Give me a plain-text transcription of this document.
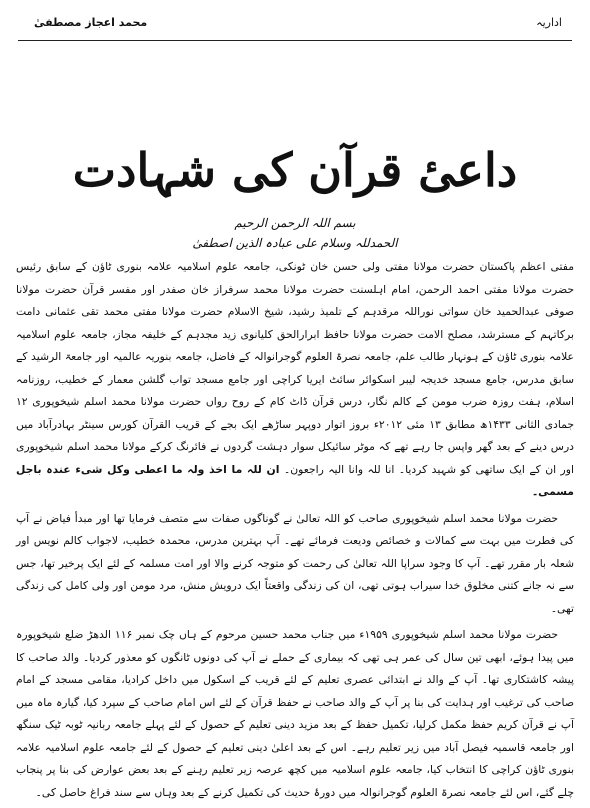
محمد اعجاز مصطفیٰ	اداریہ
داعیٔ قرآن کی شہادت
بسم اللہ الرحمن الرحیم
الحمدللہ وسلام علی عبادہ الذین اصطفیٰ

مفتی اعظم پاکستان حضرت مولانا مفتی ولی حسن خان ٹونکی، جامعہ علوم اسلامیہ علامہ بنوری ٹاؤن کے سابق رئیس حضرت مولانا مفتی احمد الرحمن، امام اہلسنت حضرت مولانا محمد سرفراز خان صفدر اور مفسر قرآن حضرت مولانا صوفی عبدالحمید خان سواتی نوراللہ مرقدہم کے تلمیذ رشید، شیخ الاسلام حضرت مولانا مفتی محمد تقی عثمانی دامت برکاتہم کے مسترشد، مصلح الامت حضرت مولانا حافظ ابرارالحق کلیانوی زید مجدہم کے خلیفہ مجاز، جامعہ علوم اسلامیہ علامہ بنوری ٹاؤن کے ہونہار طالب علم، جامعہ نصرۃ العلوم گوجرانوالہ کے فاضل، جامعہ بنوریہ عالمیہ اور جامعۃ الرشید کے سابق مدرس، جامع مسجد خدیجہ لیبر اسکوائر سائٹ ایریا کراچی اور جامع مسجد تواب گلشن معمار کے خطیب، روزنامہ اسلام، ہفت روزہ ضرب مومن کے کالم نگار، درس قرآن ڈاٹ کام کے روح رواں حضرت مولانا محمد اسلم شیخوپوری ۱۲ جمادی الثانی ۱۴۳۳ھ مطابق ۱۳ مئی ۲۰۱۲ء بروز اتوار دوپہر ساڑھے ایک بجے کے قریب القرآن کورس سینٹر بہادرآباد میں درس دینے کے بعد گھر واپس جا رہے تھے کہ موٹر سائیکل سوار دہشت گردوں نے فائرنگ کرکے مولانا محمد اسلم شیخوپوری اور ان کے ایک ساتھی کو شہید کردیا۔ انا للہ وانا الیہ راجعون۔ ان للہ ما اخذ ولہ ما اعطی وکل شیء عندہ باجل مسمی۔

حضرت مولانا محمد اسلم شیخوپوری صاحب کو اللہ تعالیٰ نے گوناگوں صفات سے متصف فرمایا تھا اور مبدأ فیاض نے آپ کی فطرت میں بہت سے کمالات و خصائص ودیعت فرمائے تھے۔ آپ بہترین مدرس، محمدہ خطیب، لاجواب کالم نویس اور شعلہ بار مقرر تھے۔ آپ کا وجود سراپا اللہ تعالیٰ کی رحمت کو متوجہ کرنے والا اور امت مسلمہ کے لئے ایک پرخیر تھا، جس سے نہ جانے کتنی مخلوق خدا سیراب ہوتی تھی، ان کی زندگی واقعتاً ایک درویش منش، مرد مومن اور ولی کامل کی زندگی تھی۔

حضرت مولانا محمد اسلم شیخوپوری ۱۹۵۹ء میں جناب محمد حسین مرحوم کے ہاں چک نمبر ۱۱۶ الدھڑ ضلع شیخوپورہ میں پیدا ہوئے، ابھی تین سال کی عمر ہی تھی کہ بیماری کے حملے نے آپ کی دونوں ٹانگوں کو معذور کردیا۔ والد صاحب کا پیشہ کاشتکاری تھا۔ آپ کے والد نے ابتدائی عصری تعلیم کے لئے قریب کے اسکول میں داخل کرادیا، مقامی مسجد کے امام صاحب کی ترغیب اور ہدایت کی بنا پر آپ کے والد صاحب نے حفظ قرآن کے لئے اس امام صاحب کے سپرد کیا، گیارہ ماہ میں آپ نے قرآن کریم حفظ مکمل کرلیا، تکمیل حفظ کے بعد مزید دینی تعلیم کے حصول کے لئے پہلے جامعہ ربانیہ ٹوبہ ٹیک سنگھ اور جامعہ قاسمیہ فیصل آباد میں زیر تعلیم رہے۔ اس کے بعد اعلیٰ دینی تعلیم کے حصول کے لئے جامعہ علوم اسلامیہ علامہ بنوری ٹاؤن کراچی کا انتخاب کیا، جامعہ علوم اسلامیہ میں کچھ عرصہ زیر تعلیم رہنے کے بعد بعض عوارض کی بنا پر پنجاب چلے گئے، اس لئے جامعہ نصرۃ العلوم گوجرانوالہ میں دورۂ حدیث کی تکمیل کرنے کے بعد وہاں سے سند فراغ حاصل کی۔
